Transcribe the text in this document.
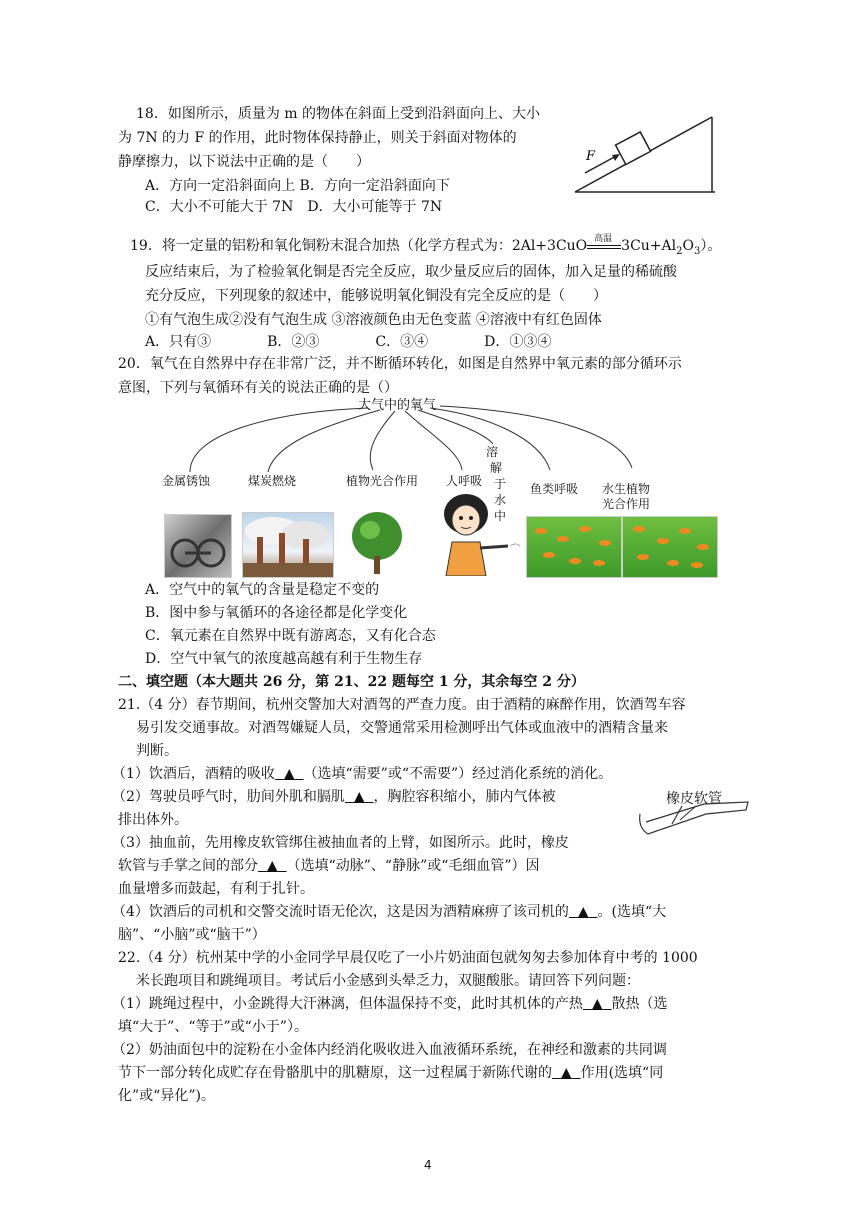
18．如图所示，质量为 m 的物体在斜面上受到沿斜面向上、大小
为 7N 的力 F 的作用，此时物体保持静止，则关于斜面对物体的
静摩擦力，以下说法中正确的是（　　）
A．方向一定沿斜面向上 B．方向一定沿斜面向下
C．大小不可能大于 7N　D．大小可能等于 7N
F
19．将一定量的铝粉和氧化铜粉末混合加热（化学方程式为：2Al+3CuO 高温 $3Cu+Al_2O_3$）。
反应结束后，为了检验氧化铜是否完全反应，取少量反应后的固体，加入足量的稀硫酸
充分反应，下列现象的叙述中，能够说明氧化铜没有完全反应的是（　　）
①有气泡生成②没有气泡生成 ③溶液颜色由无色变蓝 ④溶液中有红色固体
A．只有③　　　　B．②③　　　　C．③④　　　　D．①③④
20．氧气在自然界中存在非常广泛，并不断循环转化，如图是自然界中氧元素的部分循环示
意图，下列与氧循环有关的说法正确的是（）
大气中的氧气
金属锈蚀	煤炭燃烧	植物光合作用 人呼吸
溶
解
于
水
中
鱼类呼吸 水生植物
光合作用
A．空气中的氧气的含量是稳定不变的
B．图中参与氧循环的各途径都是化学变化
C．氧元素在自然界中既有游离态，又有化合态
D．空气中氧气的浓度越高越有利于生物生存
二、填空题（本大题共 26 分，第 21、22 题每空 1 分，其余每空 2 分）
21.（4 分）春节期间，杭州交警加大对酒驾的严查力度。由于酒精的麻醉作用，饮酒驾车容
易引发交通事故。对酒驾嫌疑人员，交警通常采用检测呼出气体或血液中的酒精含量来
判断。
（1）饮酒后，酒精的吸收 ▲ （选填“需要”或“不需要”）经过消化系统的消化。
（2）驾驶员呼气时，肋间外肌和膈肌 ▲ ，胸腔容积缩小，肺内气体被
排出体外。
（3）抽血前，先用橡皮软管绑住被抽血者的上臂，如图所示。此时，橡皮
软管与手掌之间的部分 ▲ （选填“动脉”、“静脉”或“毛细血管”）因
血量增多而鼓起，有利于扎针。
（4）饮酒后的司机和交警交流时语无伦次，这是因为酒精麻痹了该司机的 ▲ 。(选填“大
脑”、“小脑”或“脑干”）
橡皮软管
22.（4 分）杭州某中学的小金同学早晨仅吃了一小片奶油面包就匆匆去参加体育中考的 1000
米长跑项目和跳绳项目。考试后小金感到头晕乏力，双腿酸胀。请回答下列问题：
（1）跳绳过程中，小金跳得大汗淋漓，但体温保持不变，此时其机体的产热 ▲ 散热（选
填“大于”、“等于”或“小于”）。
（2）奶油面包中的淀粉在小金体内经消化吸收进入血液循环系统，在神经和激素的共同调
节下一部分转化成贮存在骨骼肌中的肌糖原，这一过程属于新陈代谢的 ▲ 作用(选填“同
化”或“异化”)。
4
